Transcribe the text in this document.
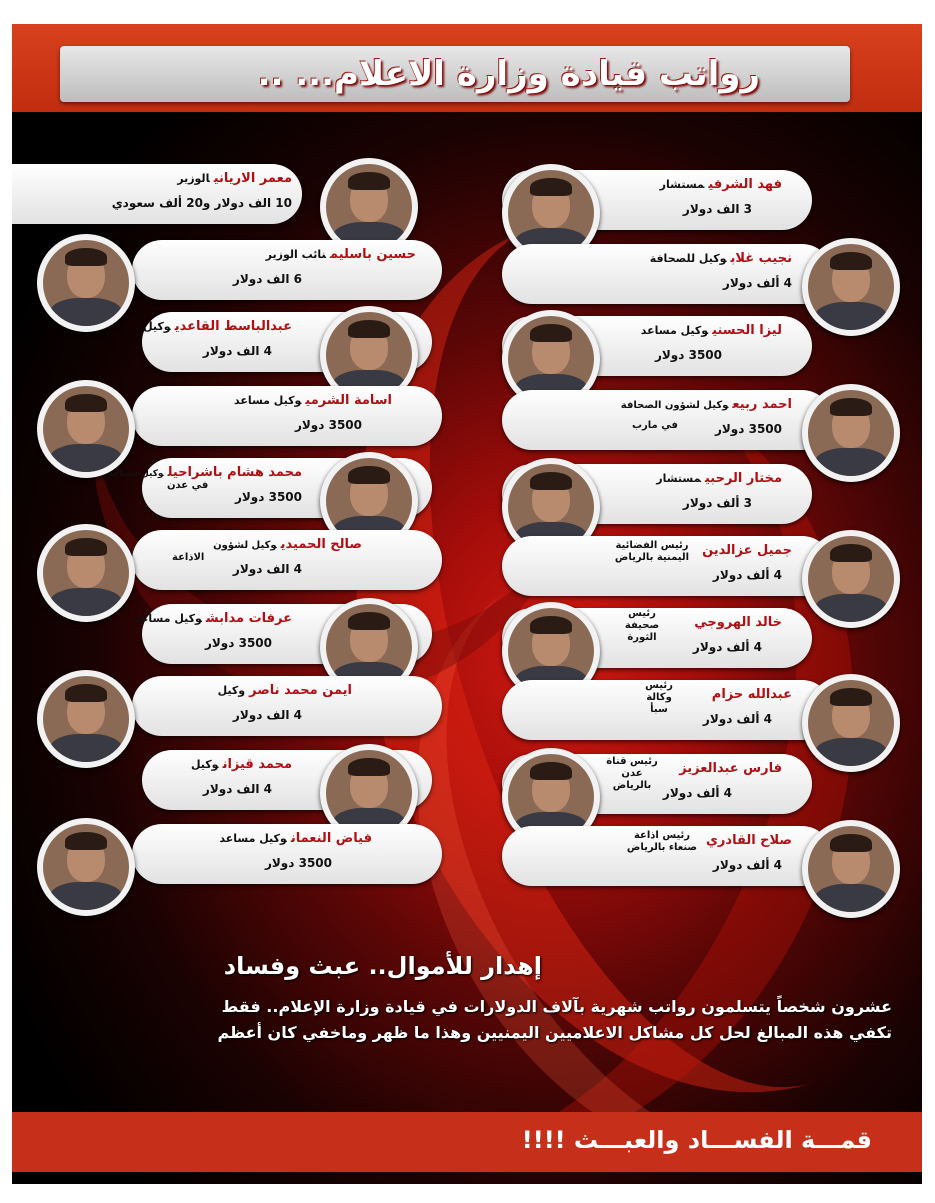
رواتب قيادة وزارة الاعلام... ..
معمر الاريانيالوزير
10 الف دولار و20 ألف سعودي
حسين باسليمنائب الوزير
6 الف دولار
عبدالباسط القاعديوكيل
4 الف دولار
اسامة الشرميوكيل مساعد
3500 دولار
محمد هشام باشراحيلوكيل مساعد
في عدن
3500 دولار
صالح الحميديوكيل لشؤون
الاذاعة
4 الف دولار
عرفات مدابشوكيل مساعد
3500 دولار
ايمن محمد ناصروكيل
4 الف دولار
محمد قيزانوكيل
4 الف دولار
فياض النعمانوكيل مساعد
3500 دولار
فهد الشرفيمستشار
3 الف دولار
نجيب غلابوكيل للصحافة
4 ألف دولار
ليزا الحسنيوكيل مساعد
3500 دولار
احمد ربيعوكيل لشؤون الصحافة
في مارب	3500 دولار
مختار الرحبيمستشار
3 ألف دولار
جميل عزالدين
رئيس الفضائية اليمنية بالرياض
4 ألف دولار
خالد الهروجي
رئيس صحيفة الثورة
4 ألف دولار
عبدالله حزام
رئيس وكالة سبأ
4 ألف دولار
فارس عبدالعزيز
رئيس قناة عدن بالرياض
4 ألف دولار
صلاح القادري
رئيس اذاعة صنعاء بالرياض
4 ألف دولار
إهدار للأموال.. عبث وفساد
عشرون شخصاً يتسلمون رواتب شهرية بآلاف الدولارات في قيادة وزارة الإعلام.. فقط تكفي هذه المبالغ لحل كل مشاكل الاعلاميين اليمنيين وهذا ما ظهر وماخفي كان أعظم
قمـــة الفســـاد والعبـــث !!!!
